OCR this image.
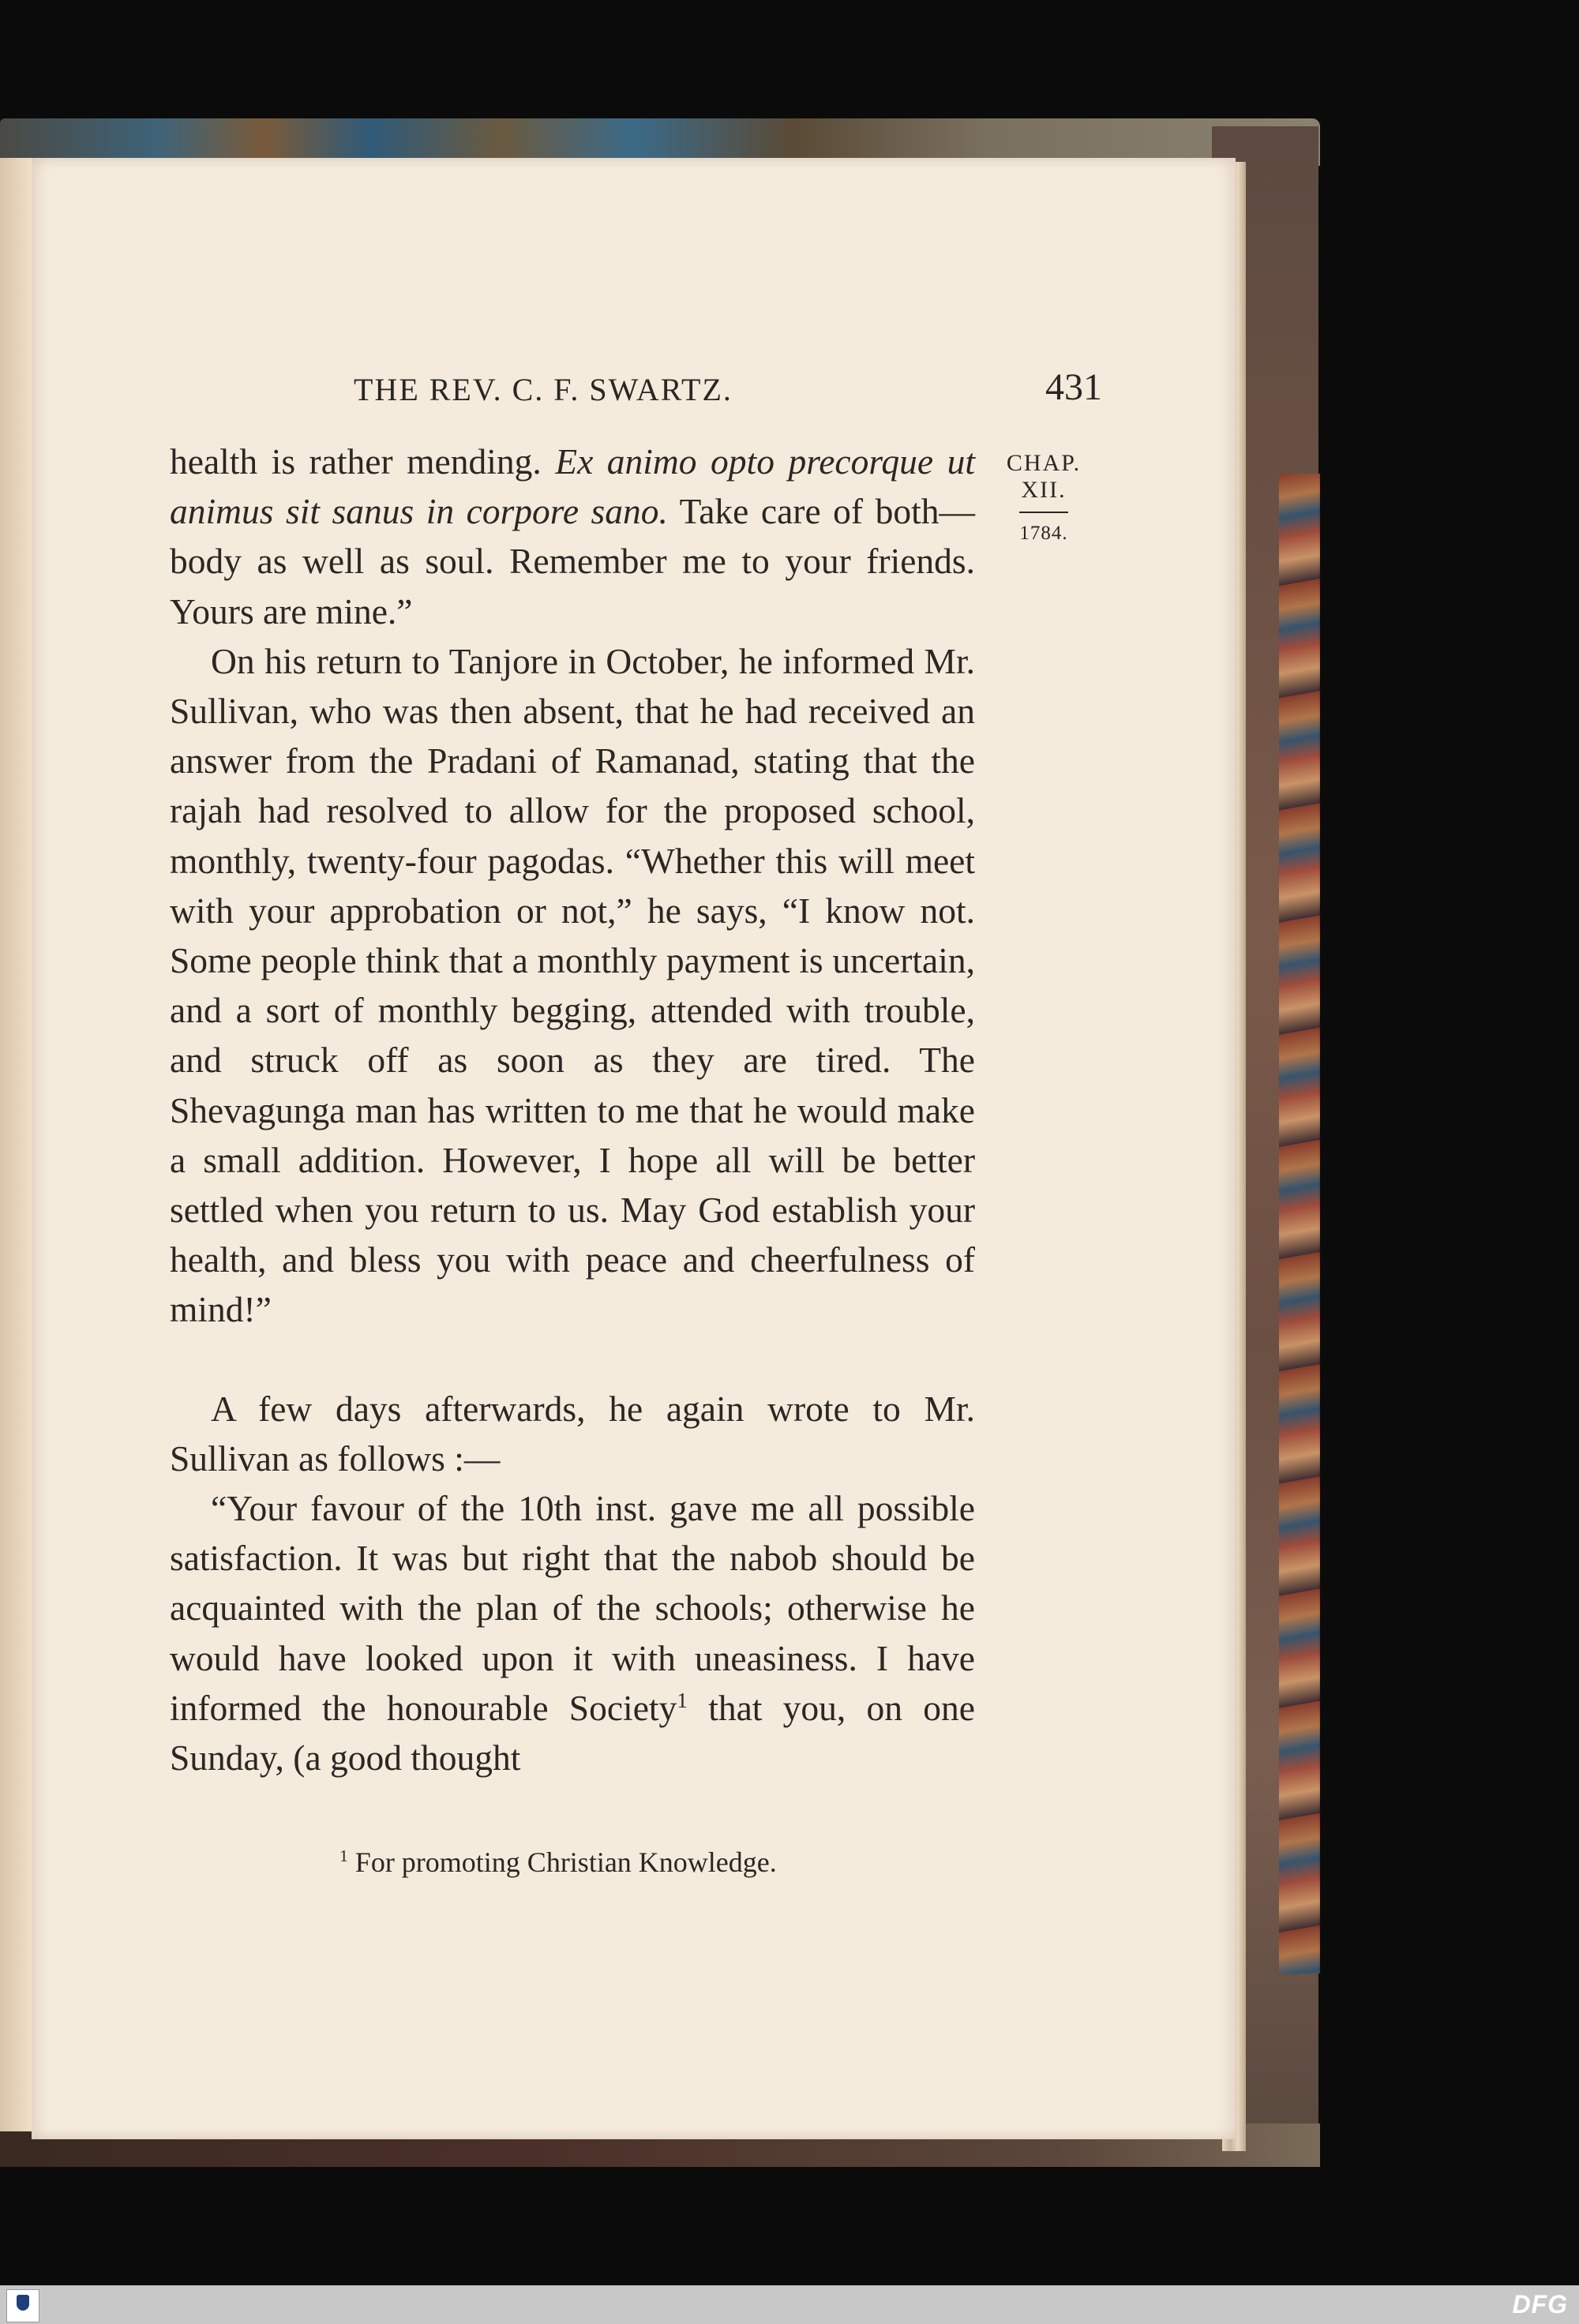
THE REV. C. F. SWARTZ.	431
CHAP.
XII.
1784.

health is rather mending. Ex animo opto precorque ut animus sit sanus in corpore sano. Take care of both—body as well as soul. Remember me to your friends. Yours are mine.”

On his return to Tanjore in October, he informed Mr. Sullivan, who was then absent, that he had received an answer from the Pradani of Ramanad, stating that the rajah had resolved to allow for the proposed school, monthly, twenty-four pagodas. “Whether this will meet with your approbation or not,” he says, “I know not. Some people think that a monthly payment is uncertain, and a sort of monthly begging, attended with trouble, and struck off as soon as they are tired. The Shevagunga man has written to me that he would make a small addition. However, I hope all will be better settled when you return to us. May God establish your health, and bless you with peace and cheerfulness of mind!”

A few days afterwards, he again wrote to Mr. Sullivan as follows :—

“Your favour of the 10th inst. gave me all possible satisfaction. It was but right that the nabob should be acquainted with the plan of the schools; otherwise he would have looked upon it with uneasiness. I have informed the honourable Society$^1$ that you, on one Sunday, (a good thought

$^1$ For promoting Christian Knowledge.
DFG
